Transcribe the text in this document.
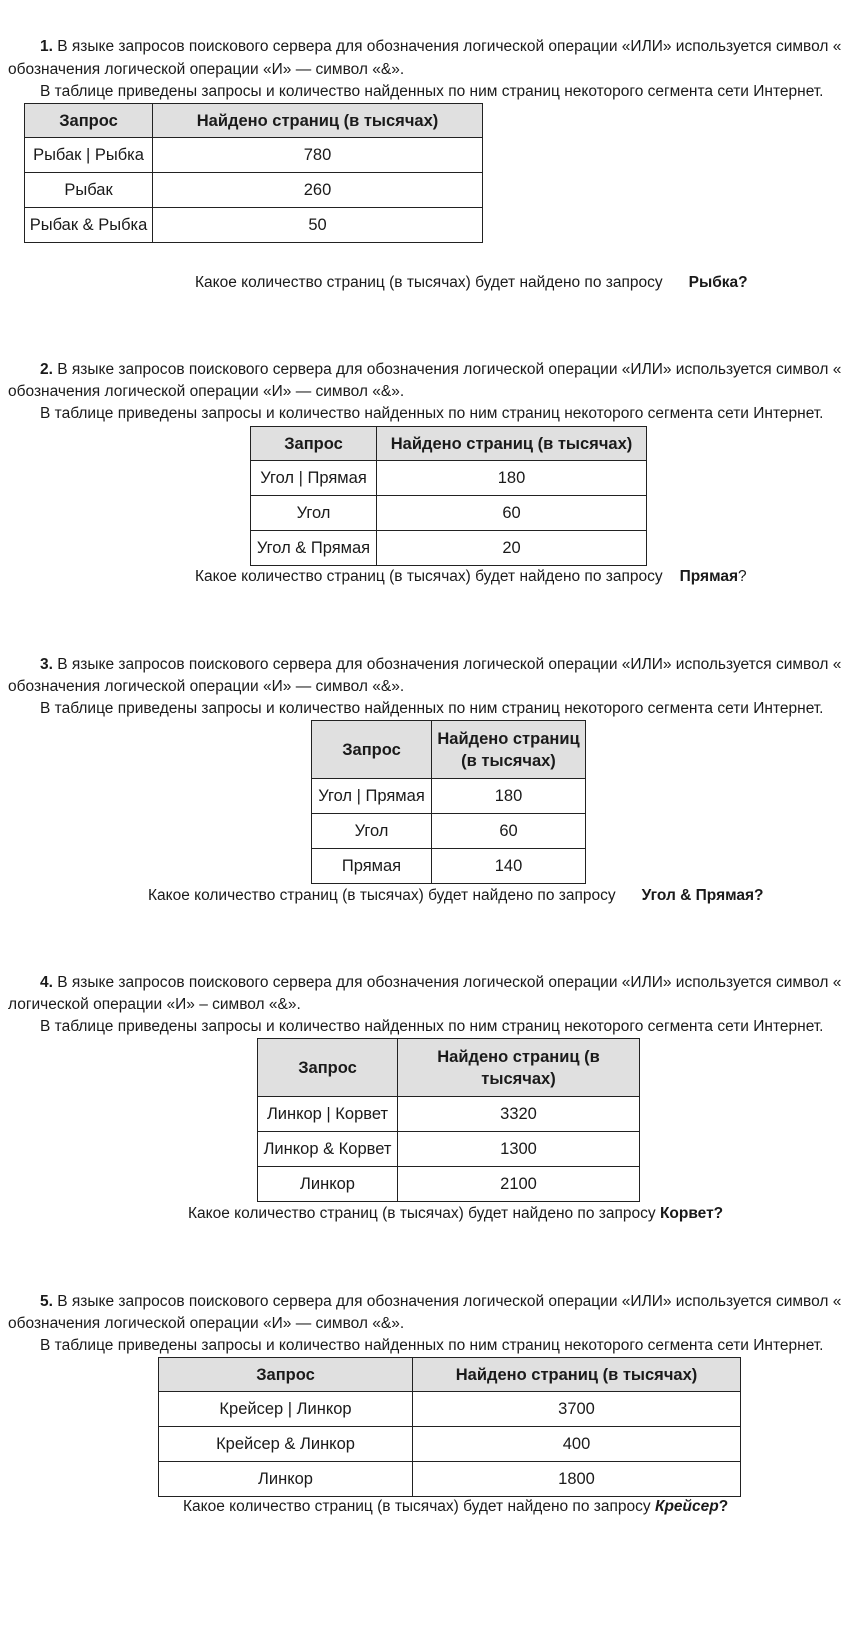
1. В языке запросов поискового сервера для обозначения логической операции «ИЛИ» используется символ «
обозначения логической операции «И» — символ «&».
В таблице приведены запросы и количество найденных по ним страниц некоторого сегмента сети Интернет.
Запрос	Найдено страниц (в тысячах)
Рыбак | Рыбка	780
Рыбак	260
Рыбак & Рыбка	50
Какое количество страниц (в тысячах) будет найдено по запросу Рыбка?
2. В языке запросов поискового сервера для обозначения логической операции «ИЛИ» используется символ «
обозначения логической операции «И» — символ «&».
В таблице приведены запросы и количество найденных по ним страниц некоторого сегмента сети Интернет.
Запрос	Найдено страниц (в тысячах)
Угол | Прямая	180
Угол	60
Угол & Прямая	20
Какое количество страниц (в тысячах) будет найдено по запросу Прямая?
3. В языке запросов поискового сервера для обозначения логической операции «ИЛИ» используется символ «
обозначения логической операции «И» — символ «&».
В таблице приведены запросы и количество найденных по ним страниц некоторого сегмента сети Интернет.
Запрос	Найдено страниц
(в тысячах)

Угол | Прямая	180
Угол	60
Прямая	140
Какое количество страниц (в тысячах) будет найдено по запросу Угол & Прямая?
4. В языке запросов поискового сервера для обозначения логической операции «ИЛИ» используется символ «
логической операции «И» – символ «&».
В таблице приведены запросы и количество найденных по ним страниц некоторого сегмента сети Интернет.
Запрос	Найдено страниц (в
тысячах)

Линкор | Корвет	3320
Линкор & Корвет	1300
Линкор	2100
Какое количество страниц (в тысячах) будет найдено по запросу Корвет?
5. В языке запросов поискового сервера для обозначения логической операции «ИЛИ» используется символ «
обозначения логической операции «И» — символ «&».
В таблице приведены запросы и количество найденных по ним страниц некоторого сегмента сети Интернет.
Запрос	Найдено страниц (в тысячах)
Крейсер | Линкор	3700
Крейсер & Линкор	400
Линкор	1800
Какое количество страниц (в тысячах) будет найдено по запросу Крейсер?
